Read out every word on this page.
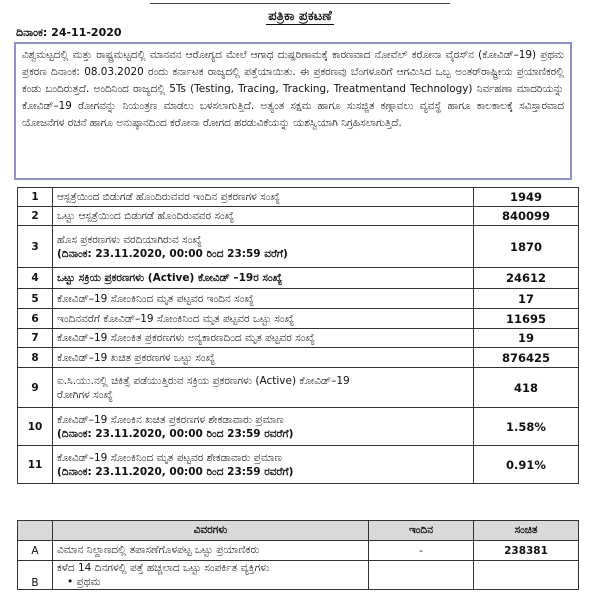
ಪತ್ರಿಕಾ ಪ್ರಕಟಣೆ
ದಿನಾಂಕ: 24-11-2020

ವಿಶ್ವಮಟ್ಟದಲ್ಲಿ ಮತ್ತು ರಾಷ್ಟ್ರಮಟ್ಟದಲ್ಲಿ ಮಾನವನ ಆರೋಗ್ಯದ ಮೇಲೆ ಆಗಾಧ ದುಷ್ಪರಿಣಾಮಕ್ಕೆ ಕಾರಣವಾದ ನೋವೆಲ್ ಕರೋನಾ ವೈರಸ್‌ನ (ಕೋವಿಡ್–19) ಪ್ರಥಮ ಪ್ರಕರಣ ದಿನಾಂಕ: 08.03.2020 ರಂದು ಕರ್ನಾಟಕ ರಾಜ್ಯದಲ್ಲಿ ಪತ್ತೆಯಾಯಿತು. ಈ ಪ್ರಕರಣವು ಬೆಂಗಳೂರಿಗೆ ಆಗಮಿಸಿದ ಒಬ್ಬ ಅಂತರ್‌ರಾಷ್ಟ್ರೀಯ ಪ್ರಯಾಣಿಕರಲ್ಲಿ ಕಂಡು ಬಂದಿರುತ್ತದೆ. ಅಂದಿನಿಂದ ರಾಜ್ಯದಲ್ಲಿ 5Ts (Testing, Tracing, Tracking, Treatmentand Technology) ನಿರ್ವಹಣಾ ಮಾದರಿಯನ್ನು ಕೋವಿಡ್–19 ರೋಗವನ್ನು ನಿಯಂತ್ರಣ ಮಾಡಲು ಬಳಸಲಾಗುತ್ತಿದೆ. ಅತ್ಯಂತ ಸಕ್ಷಮ ಹಾಗೂ ಸುಸಜ್ಜಿತ ಕಣ್ಗಾವಲು ವ್ಯವಸ್ಥೆ ಹಾಗೂ ಕಾಲಕಾಲಕ್ಕೆ ಸವಿಸ್ತಾರವಾದ ಯೋಜನೆಗಳ ರಚನೆ ಹಾಗೂ ಅನುಷ್ಠಾನದಿಂದ ಕರೋನಾ ರೋಗದ ಹರಡುವಿಕೆಯನ್ನು ಯಶಸ್ವಿಯಾಗಿ ನಿಗ್ರಹಿಸಲಾಗುತ್ತಿದೆ.

1	ಆಸ್ಪತ್ರೆಯಿಂದ ಬಿಡುಗಡೆ ಹೊಂದಿರುವವರ ಇಂದಿನ ಪ್ರಕರಣಗಳ ಸಂಖ್ಯೆ	1949
2	ಒಟ್ಟು ಆಸ್ಪತ್ರೆಯಿಂದ ಬಿಡುಗಡೆ ಹೊಂದಿರುವವರ ಸಂಖ್ಯೆ	840099
3	ಹೊಸ ಪ್ರಕರಣಗಳು ವರದಿಯಾಗಿರುವ ಸಂಖ್ಯೆ
(ದಿನಾಂಕ: 23.11.2020, 00:00 ರಿಂದ 23:59 ವರೆಗೆ)	1870
4	ಒಟ್ಟು ಸಕ್ರಿಯ ಪ್ರಕರಣಗಳು (Active) ಕೋವಿಡ್ –19ರ ಸಂಖ್ಯೆ	24612
5	ಕೋವಿಡ್–19 ಸೋಂಕಿನಿಂದ ಮೃತ ಪಟ್ಟವರ ಇಂದಿನ ಸಂಖ್ಯೆ	17
6	ಇಂದಿನವರೆಗೆ ಕೋವಿಡ್–19 ಸೋಂಕಿನಿಂದ ಮೃತ ಪಟ್ಟವರ ಒಟ್ಟು ಸಂಖ್ಯೆ	11695
7	ಕೋವಿಡ್–19 ಸೋಂಕಿತ ಪ್ರಕರಣಗಳು ಅನ್ಯಕಾರಣದಿಂದ ಮೃತ ಪಟ್ಟವರ ಸಂಖ್ಯೆ	19
8	ಕೋವಿಡ್–19 ಖಚಿತ ಪ್ರಕರಣಗಳ ಒಟ್ಟು ಸಂಖ್ಯೆ	876425
9	ಐ.ಸಿ.ಯು.ನಲ್ಲಿ ಚಿಕಿತ್ಸೆ ಪಡೆಯುತ್ತಿರುವ ಸಕ್ರಿಯ ಪ್ರಕರಣಗಳು (Active) ಕೋವಿಡ್–19
ರೋಗಿಗಳ ಸಂಖ್ಯೆ	418
10	ಕೋವಿಡ್–19 ಸೋಂಕಿನ ಖಚಿತ ಪ್ರಕರಣಗಳ ಶೇಕಡಾವಾರು ಪ್ರಮಾಣ
(ದಿನಾಂಕ: 23.11.2020, 00:00 ರಿಂದ 23:59 ರವರೆಗೆ)	1.58%
11	ಕೋವಿಡ್–19 ಸೋಂಕಿನಿಂದ ಮೃತ ಪಟ್ಟವರ ಶೇಕಡಾವಾರು ಪ್ರಮಾಣ
(ದಿನಾಂಕ: 23.11.2020, 00:00 ರಿಂದ 23:59 ರವರೆಗೆ)	0.91%
	ವಿವರಗಳು	ಇಂದಿನ	ಸಂಚಿತ
A	ವಿಮಾನ ನಿಲ್ದಾಣದಲ್ಲಿ ತಪಾಸಣೆಗೊಳಪಟ್ಟ ಒಟ್ಟು ಪ್ರಯಾಣಿಕರು	-	238381
B	ಕಳೆದ 14 ದಿನಗಳಲ್ಲಿ ಪತ್ತೆ ಹಚ್ಚಲಾದ ಒಟ್ಟು ಸಂಪರ್ಕಿತ ವ್ಯಕ್ತಿಗಳು
• ಪ್ರಥಮ		
